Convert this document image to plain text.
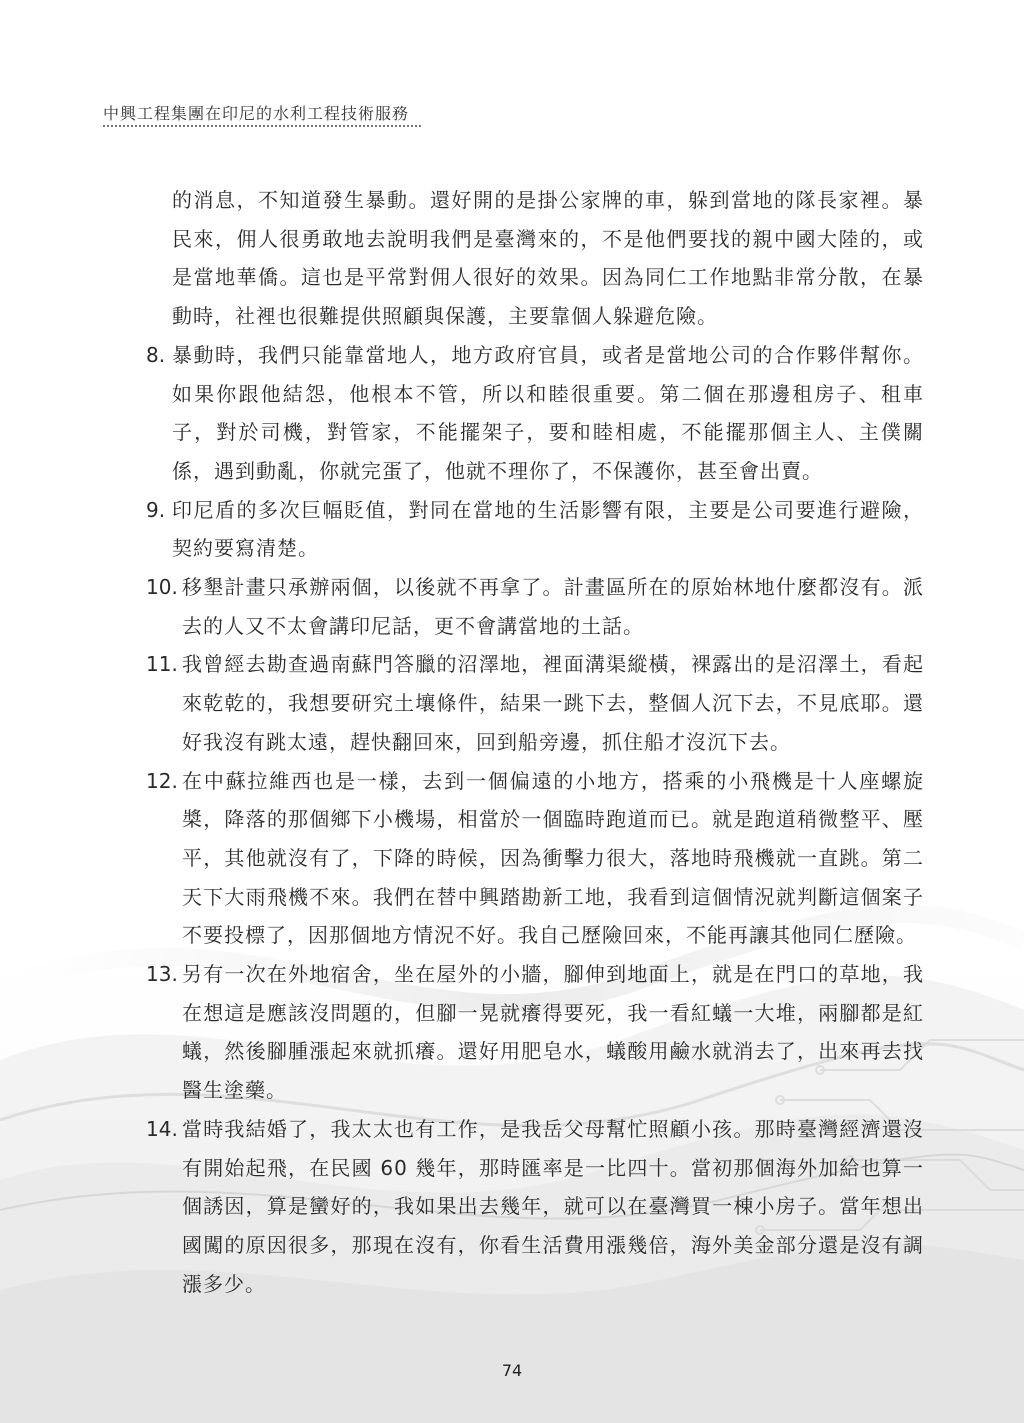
中興工程集團在印尼的水利工程技術服務

的消息，不知道發生暴動。還好開的是掛公家牌的車，躲到當地的隊長家裡。暴民來，佣人很勇敢地去說明我們是臺灣來的，不是他們要找的親中國大陸的，或是當地華僑。這也是平常對佣人很好的效果。因為同仁工作地點非常分散，在暴動時，社裡也很難提供照顧與保護，主要靠個人躲避危險。

8. 暴動時，我們只能靠當地人，地方政府官員，或者是當地公司的合作夥伴幫你。如果你跟他結怨，他根本不管，所以和睦很重要。第二個在那邊租房子、租車子，對於司機，對管家，不能擺架子，要和睦相處，不能擺那個主人、主僕關係，遇到動亂，你就完蛋了，他就不理你了，不保護你，甚至會出賣。
9. 印尼盾的多次巨幅貶值，對同在當地的生活影響有限，主要是公司要進行避險，契約要寫清楚。
10. 移墾計畫只承辦兩個，以後就不再拿了。計畫區所在的原始林地什麼都沒有。派去的人又不太會講印尼話，更不會講當地的土話。
11. 我曾經去勘查過南蘇門答臘的沼澤地，裡面溝渠縱橫，裸露出的是沼澤土，看起來乾乾的，我想要研究土壤條件，結果一跳下去，整個人沉下去，不見底耶。還好我沒有跳太遠，趕快翻回來，回到船旁邊，抓住船才沒沉下去。
12. 在中蘇拉維西也是一樣，去到一個偏遠的小地方，搭乘的小飛機是十人座螺旋槳，降落的那個鄉下小機場，相當於一個臨時跑道而已。就是跑道稍微整平、壓平，其他就沒有了，下降的時候，因為衝擊力很大，落地時飛機就一直跳。第二天下大雨飛機不來。我們在替中興踏勘新工地，我看到這個情況就判斷這個案子不要投標了，因那個地方情況不好。我自己歷險回來，不能再讓其他同仁歷險。
13. 另有一次在外地宿舍，坐在屋外的小牆，腳伸到地面上，就是在門口的草地，我在想這是應該沒問題的，但腳一晃就癢得要死，我一看紅蟻一大堆，兩腳都是紅蟻，然後腳腫漲起來就抓癢。還好用肥皂水，蟻酸用鹼水就消去了，出來再去找醫生塗藥。
14. 當時我結婚了，我太太也有工作，是我岳父母幫忙照顧小孩。那時臺灣經濟還沒有開始起飛，在民國 60 幾年，那時匯率是一比四十。當初那個海外加給也算一個誘因，算是蠻好的，我如果出去幾年，就可以在臺灣買一棟小房子。當年想出國闖的原因很多，那現在沒有，你看生活費用漲幾倍，海外美金部分還是沒有調漲多少。
74
